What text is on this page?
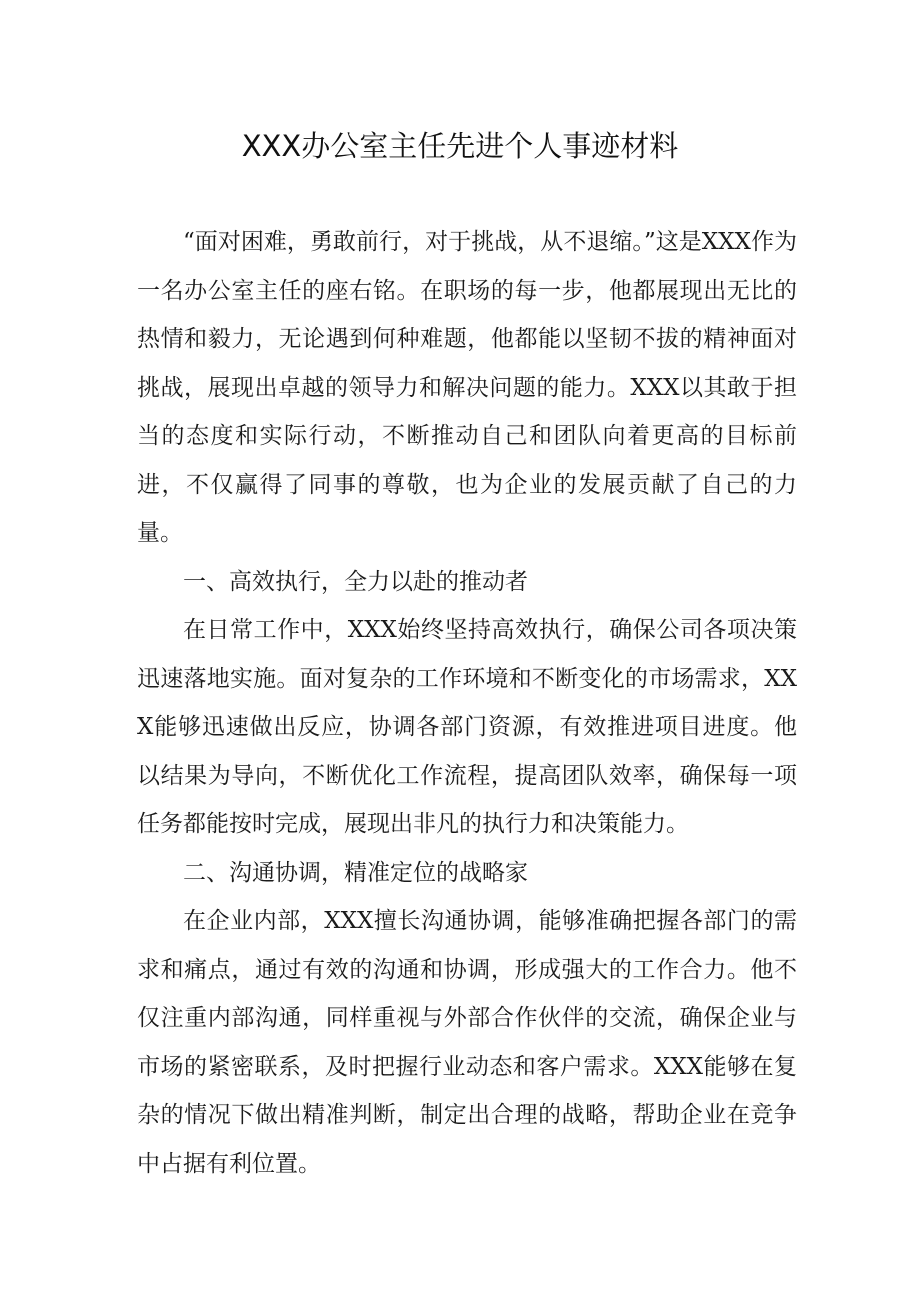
XXX办公室主任先进个人事迹材料

“面对困难，勇敢前行，对于挑战，从不退缩。”这是XXX作为一名办公室主任的座右铭。在职场的每一步，他都展现出无比的热情和毅力，无论遇到何种难题，他都能以坚韧不拔的精神面对挑战，展现出卓越的领导力和解决问题的能力。XXX以其敢于担当的态度和实际行动，不断推动自己和团队向着更高的目标前进，不仅赢得了同事的尊敬，也为企业的发展贡献了自己的力量。

一、高效执行，全力以赴的推动者

在日常工作中，XXX始终坚持高效执行，确保公司各项决策迅速落地实施。面对复杂的工作环境和不断变化的市场需求，XXX能够迅速做出反应，协调各部门资源，有效推进项目进度。他以结果为导向，不断优化工作流程，提高团队效率，确保每一项任务都能按时完成，展现出非凡的执行力和决策能力。

二、沟通协调，精准定位的战略家

在企业内部，XXX擅长沟通协调，能够准确把握各部门的需求和痛点，通过有效的沟通和协调，形成强大的工作合力。他不仅注重内部沟通，同样重视与外部合作伙伴的交流，确保企业与市场的紧密联系，及时把握行业动态和客户需求。XXX能够在复杂的情况下做出精准判断，制定出合理的战略，帮助企业在竞争中占据有利位置。
